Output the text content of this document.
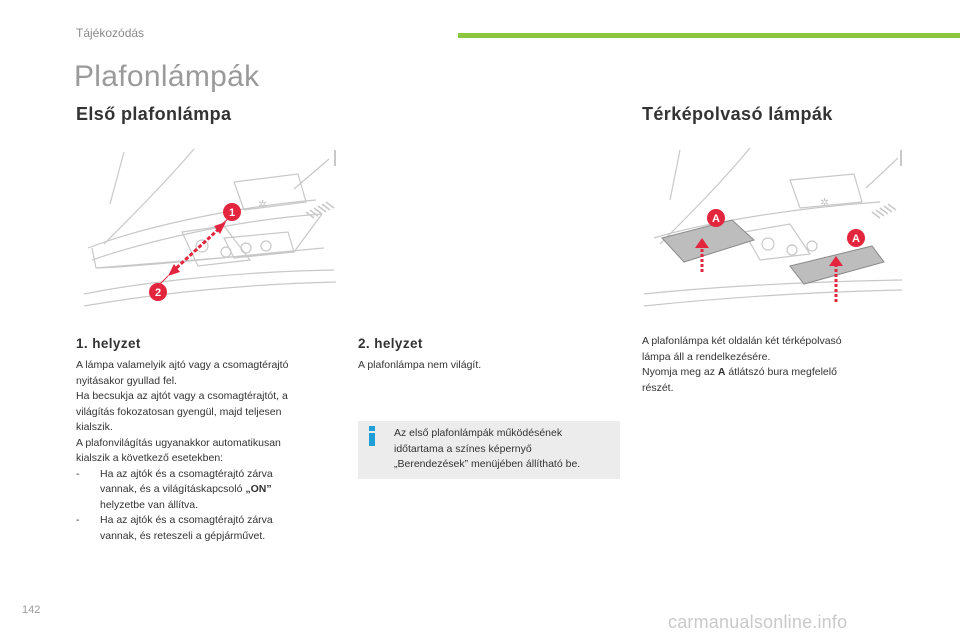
Tájékozódás
Plafonlámpák
Első plafonlámpa
✲
1
2
1. helyzet

A lámpa valamelyik ajtó vagy a csomagtérajtó

nyitásakor gyullad fel.

Ha becsukja az ajtót vagy a csomagtérajtót, a

világítás fokozatosan gyengül, majd teljesen

kialszik.

A plafonvilágítás ugyanakkor automatikusan

kialszik a következő esetekben:

-	Ha az ajtók és a csomagtérajtó zárva

vannak, és a világításkapcsoló „ON”

helyzetbe van állítva.

-	Ha az ajtók és a csomagtérajtó zárva

vannak, és reteszeli a gépjárművet.

2. helyzet
A plafonlámpa nem világít.
Az első plafonlámpák működésének
időtartama a színes képernyő
„Berendezések” menüjében állítható be.
Térképolvasó lámpák
✲
A
A

A plafonlámpa két oldalán két térképolvasó

lámpa áll a rendelkezésére.

Nyomja meg az A átlátszó bura megfelelő

részét.

142
carmanualsonline.info
